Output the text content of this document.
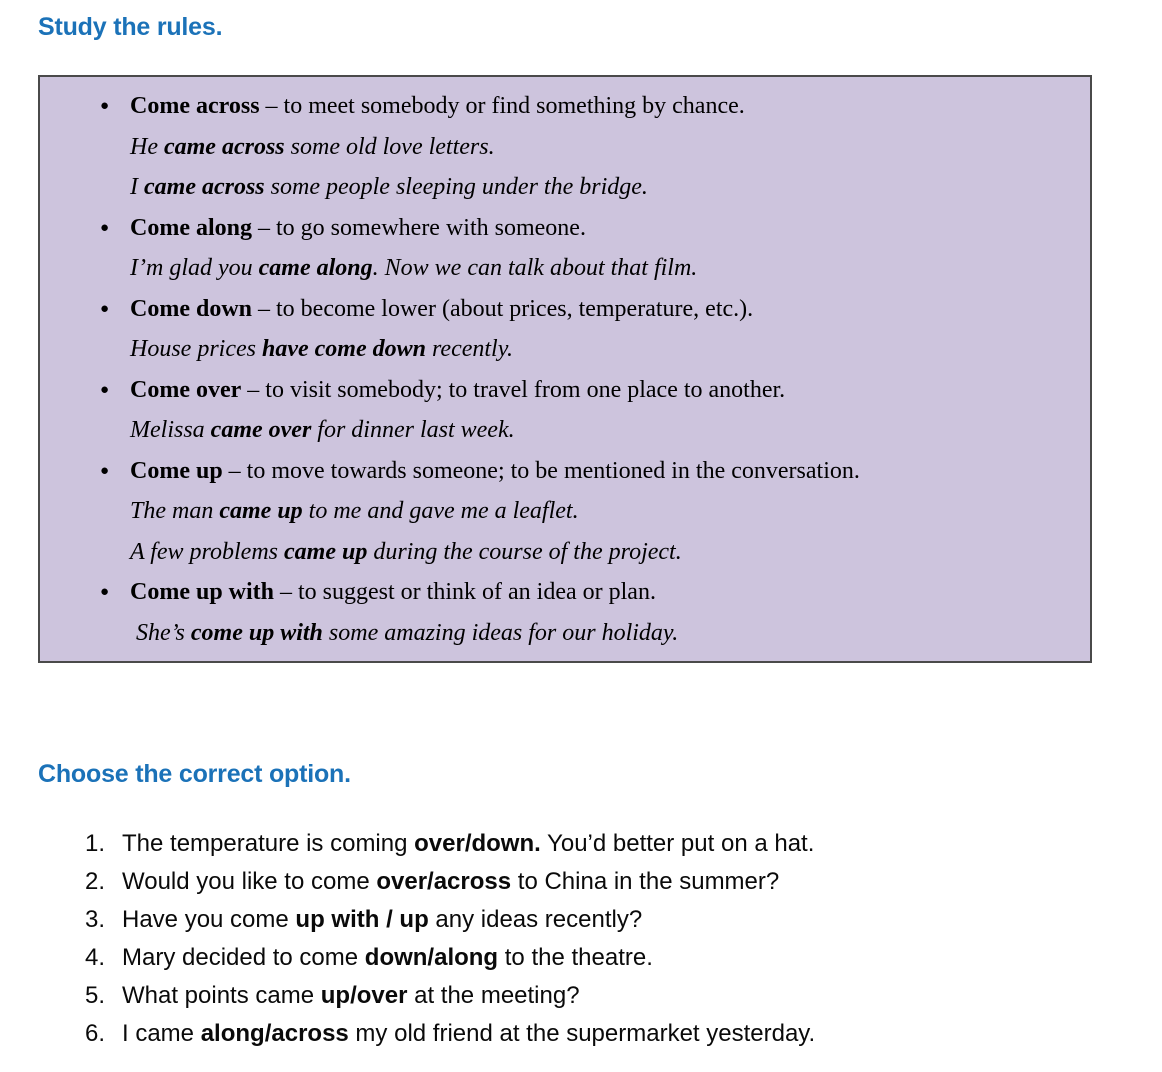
Study the rules.
● Come across – to meet somebody or find something by chance.
He came across some old love letters.
I came across some people sleeping under the bridge.
● Come along – to go somewhere with someone.
I’m glad you came along. Now we can talk about that film.
● Come down – to become lower (about prices, temperature, etc.).
House prices have come down recently.
● Come over – to visit somebody; to travel from one place to another.
Melissa came over for dinner last week.
● Come up – to move towards someone; to be mentioned in the conversation.
The man came up to me and gave me a leaflet.
A few problems came up during the course of the project.
● Come up with – to suggest or think of an idea or plan.
She’s come up with some amazing ideas for our holiday.
Choose the correct option.
1. The temperature is coming over/down. You’d better put on a hat.
2. Would you like to come over/across to China in the summer?
3. Have you come up with / up any ideas recently?
4. Mary decided to come down/along to the theatre.
5. What points came up/over at the meeting?
6. I came along/across my old friend at the supermarket yesterday.
